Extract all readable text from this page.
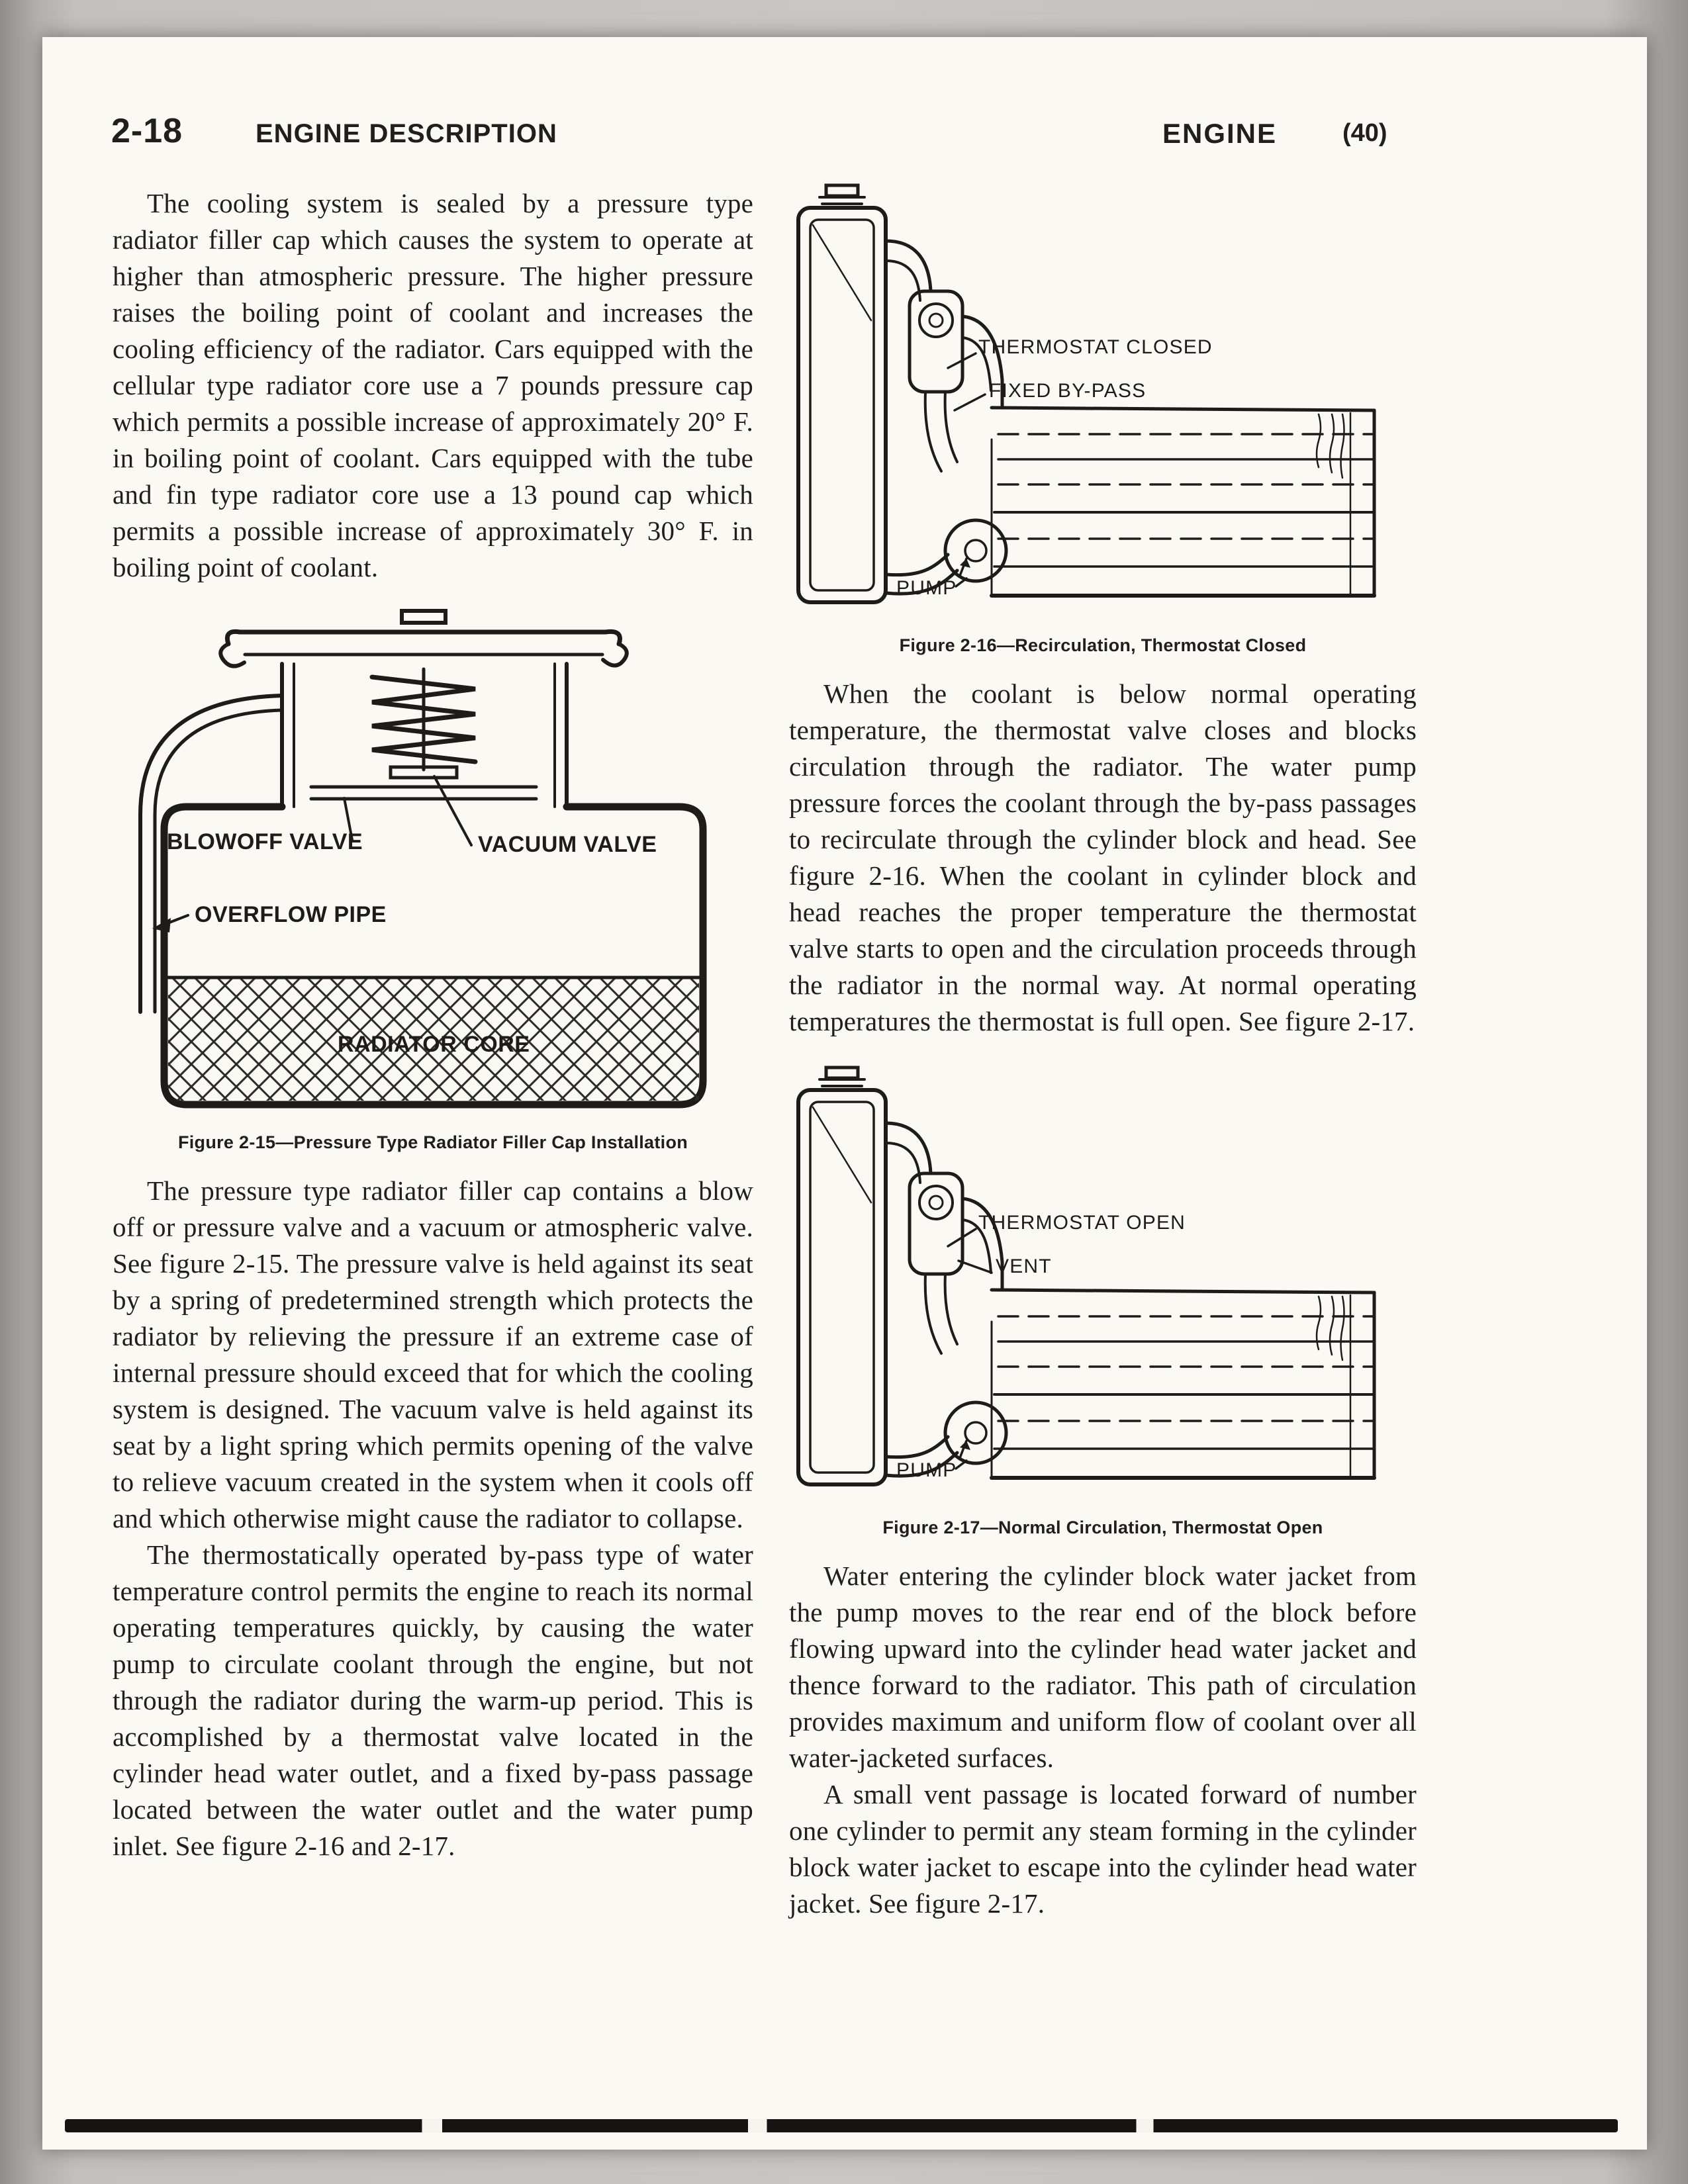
2-18	ENGINE DESCRIPTION	ENGINE	(40)

The cooling system is sealed by a pressure type radiator filler cap which causes the system to operate at higher than atmospheric pressure. The higher pressure raises the boiling point of coolant and increases the cooling efficiency of the radiator. Cars equipped with the cellular type radiator core use a 7 pounds pressure cap which permits a possible increase of approximately 20° F. in boiling point of coolant. Cars equipped with the tube and fin type radiator core use a 13 pound cap which permits a possible increase of approximately 30° F. in boiling point of coolant.

BLOWOFF VALVE	VACUUM VALVE
OVERFLOW PIPE
RADIATOR CORE
Figure 2-15—Pressure Type Radiator Filler Cap Installation

The pressure type radiator filler cap contains a blow off or pressure valve and a vacuum or atmospheric valve. See figure 2-15. The pressure valve is held against its seat by a spring of predetermined strength which protects the radiator by relieving the pressure if an extreme case of internal pressure should exceed that for which the cooling system is designed. The vacuum valve is held against its seat by a light spring which permits opening of the valve to relieve vacuum created in the system when it cools off and which otherwise might cause the radiator to collapse.

The thermostatically operated by-pass type of water temperature control permits the engine to reach its normal operating temperatures quickly, by causing the water pump to circulate coolant through the engine, but not through the radiator during the warm-up period. This is accomplished by a thermostat valve located in the cylinder head water outlet, and a fixed by-pass passage located between the water outlet and the water pump inlet. See figure 2-16 and 2-17.

THERMOSTAT CLOSED
FIXED BY-PASS
PUMP
Figure 2-16—Recirculation, Thermostat Closed

When the coolant is below normal operating temperature, the thermostat valve closes and blocks circulation through the radiator. The water pump pressure forces the coolant through the by-pass passages to recirculate through the cylinder block and head. See figure 2-16. When the coolant in cylinder block and head reaches the proper temperature the thermostat valve starts to open and the circulation proceeds through the radiator in the normal way. At normal operating temperatures the thermostat is full open. See figure 2-17.

THERMOSTAT OPEN
VENT
PUMP
Figure 2-17—Normal Circulation, Thermostat Open

Water entering the cylinder block water jacket from the pump moves to the rear end of the block before flowing upward into the cylinder head water jacket and thence forward to the radiator. This path of circulation provides maximum and uniform flow of coolant over all water-jacketed surfaces.

A small vent passage is located forward of number one cylinder to permit any steam forming in the cylinder block water jacket to escape into the cylinder head water jacket. See figure 2-17.
